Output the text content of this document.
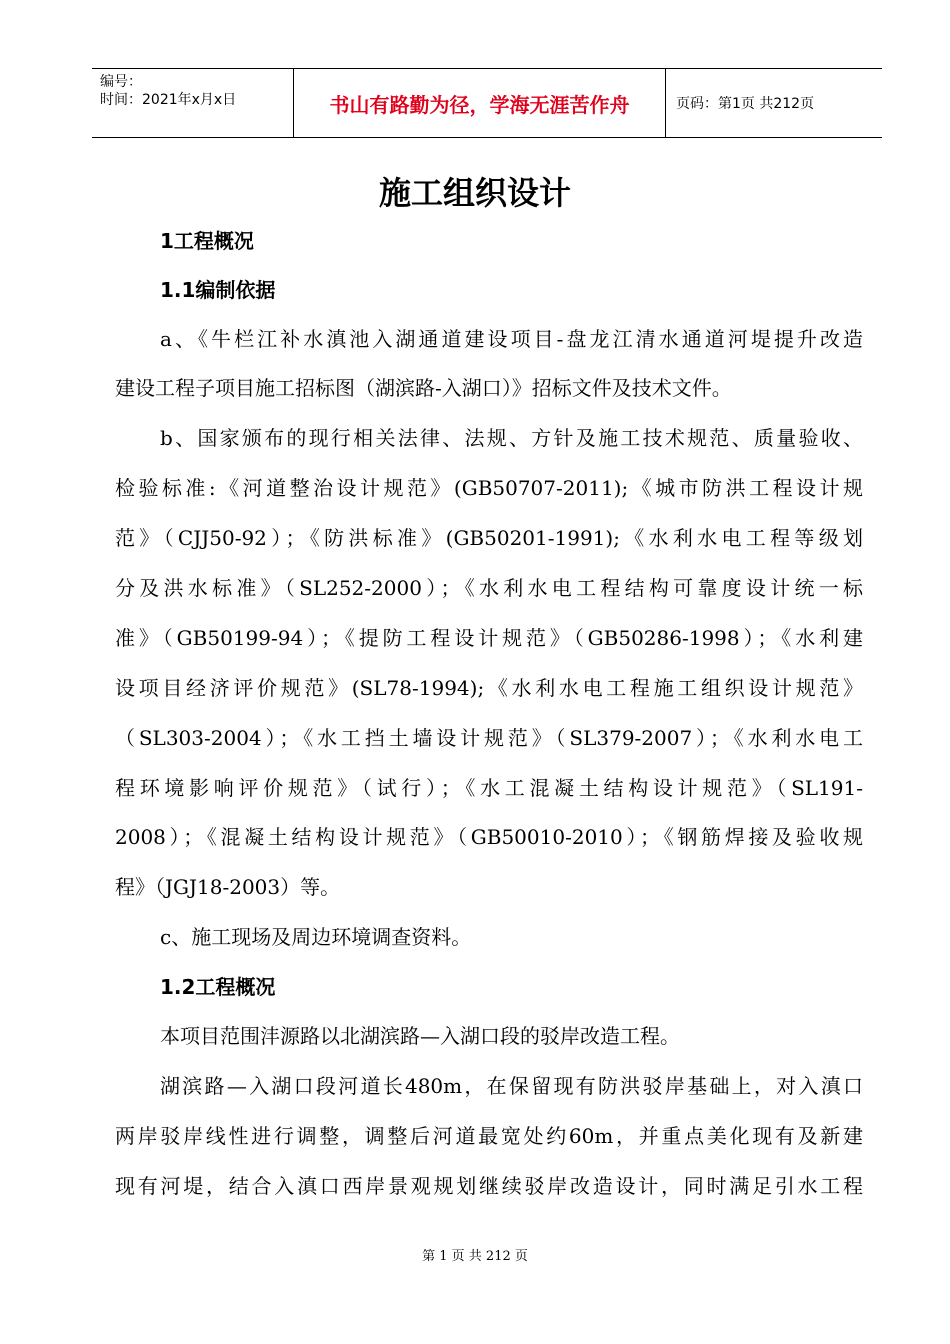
编号：
时间：2021年x月x日	书山有路勤为径，学海无涯苦作舟	页码：第1页 共212页
施工组织设计
1工程概况
1.1编制依据
a、《牛栏江补水滇池入湖通道建设项目-盘龙江清水通道河堤提升改造
建设工程子项目施工招标图（湖滨路-入湖口）》招标文件及技术文件。
b、国家颁布的现行相关法律、法规、方针及施工技术规范、质量验收、
检验标准:《河道整治设计规范》(GB50707-2011);《城市防洪工程设计规
范》（CJJ50-92）；《防洪标准》(GB50201-1991);《水利水电工程等级划
分及洪水标准》（SL252-2000）；《水利水电工程结构可靠度设计统一标
准》（GB50199-94）；《提防工程设计规范》（GB50286-1998）；《水利建
设项目经济评价规范》(SL78-1994);《水利水电工程施工组织设计规范》
（SL303-2004）；《水工挡土墙设计规范》（SL379-2007）；《水利水电工
程环境影响评价规范》（试行）；《水工混凝土结构设计规范》（SL191-
2008）；《混凝土结构设计规范》（GB50010-2010）；《钢筋焊接及验收规
程》（JGJ18-2003）等。
c、施工现场及周边环境调查资料。
1.2工程概况
本项目范围沣源路以北湖滨路—入湖口段的驳岸改造工程。
湖滨路—入湖口段河道长480m，在保留现有防洪驳岸基础上，对入滇口
两岸驳岸线性进行调整，调整后河道最宽处约60m，并重点美化现有及新建
现有河堤，结合入滇口西岸景观规划继续驳岸改造设计，同时满足引水工程
第 1 页 共 212 页
